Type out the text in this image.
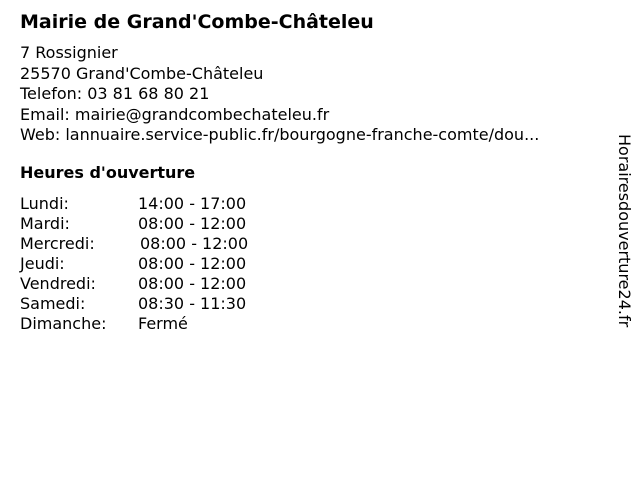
Mairie de Grand'Combe-Châteleu
7 Rossignier
25570 Grand'Combe-Châteleu
Telefon: 03 81 68 80 21
Email: mairie@grandcombechateleu.fr
Web: lannuaire.service-public.fr/bourgogne-franche-comte/dou...
Heures d'ouverture
Lundi:	14:00 - 17:00
Mardi:	08:00 - 12:00
Mercredi:	08:00 - 12:00
Jeudi:	08:00 - 12:00
Vendredi:	08:00 - 12:00
Samedi:	08:30 - 11:30
Dimanche: Fermé	Horairesdouverture24.fr
